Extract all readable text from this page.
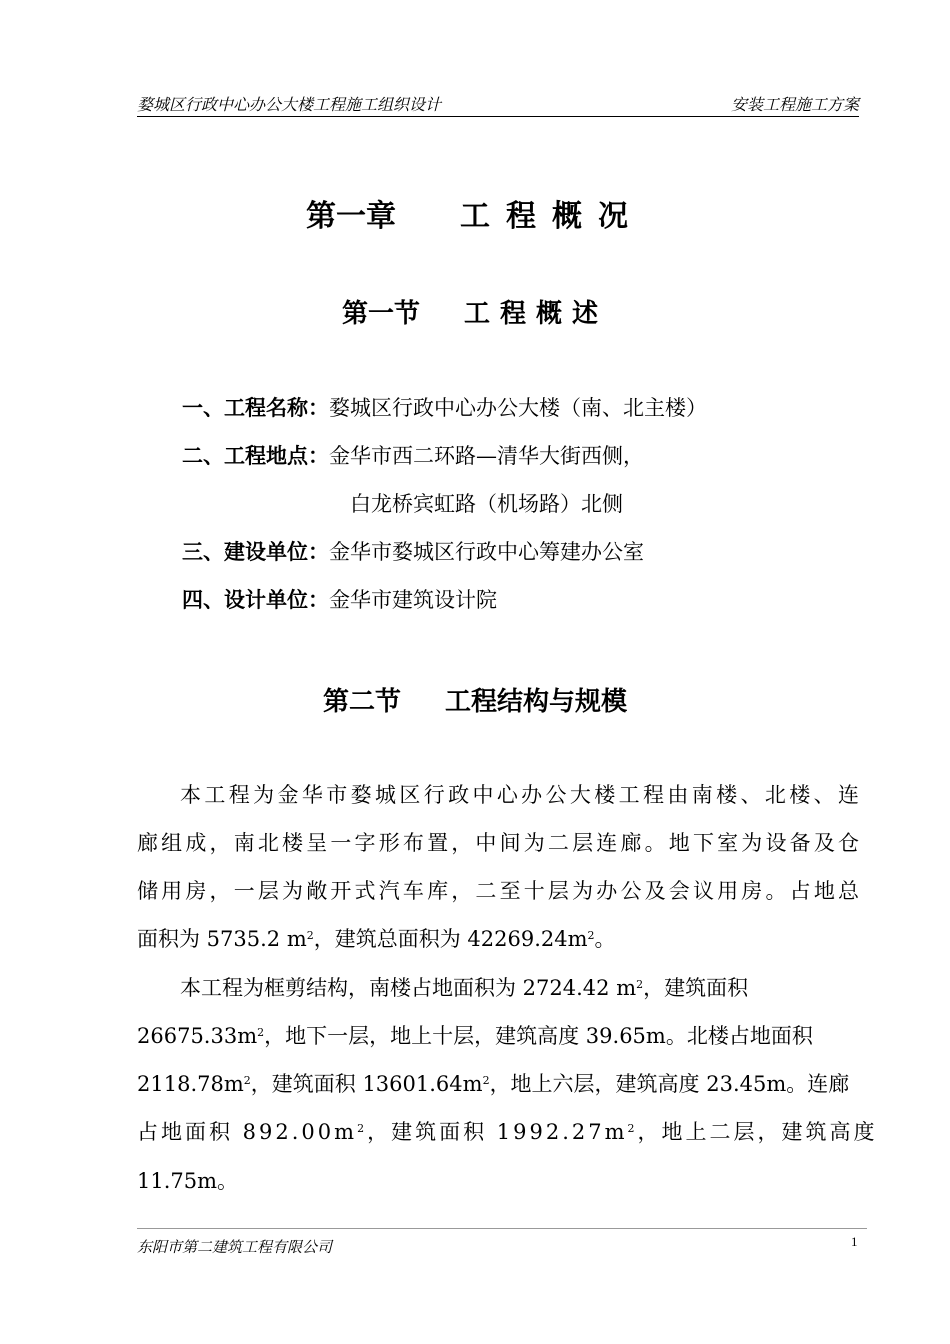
婺城区行政中心办公大楼工程施工组织设计	安装工程施工方案
第一章 工程概况
第一节 工程概述
一、工程名称：婺城区行政中心办公大楼（南、北主楼）
二、工程地点：金华市西二环路—清华大街西侧，
白龙桥宾虹路（机场路）北侧
三、建设单位：金华市婺城区行政中心筹建办公室
四、设计单位：金华市建筑设计院
第二节 工程结构与规模
本工程为金华市婺城区行政中心办公大楼工程由南楼、北楼、连
廊组成，南北楼呈一字形布置，中间为二层连廊。地下室为设备及仓
储用房，一层为敞开式汽车库，二至十层为办公及会议用房。占地总
面积为 5735.2 $m^2$，建筑总面积为 $42269.24m^2$。
本工程为框剪结构，南楼占地面积为 2724.42 $m^2$，建筑面积
$26675.33m^2$，地下一层，地上十层，建筑高度 39.65m。北楼占地面积
$2118.78m^2$，建筑面积 $13601.64m^2$，地上六层，建筑高度 23.45m。连廊
占地面积 $892.00m^2$，建筑面积 $1992.27m^2$，地上二层，建筑高度
11.75m。
东阳市第二建筑工程有限公司	1
